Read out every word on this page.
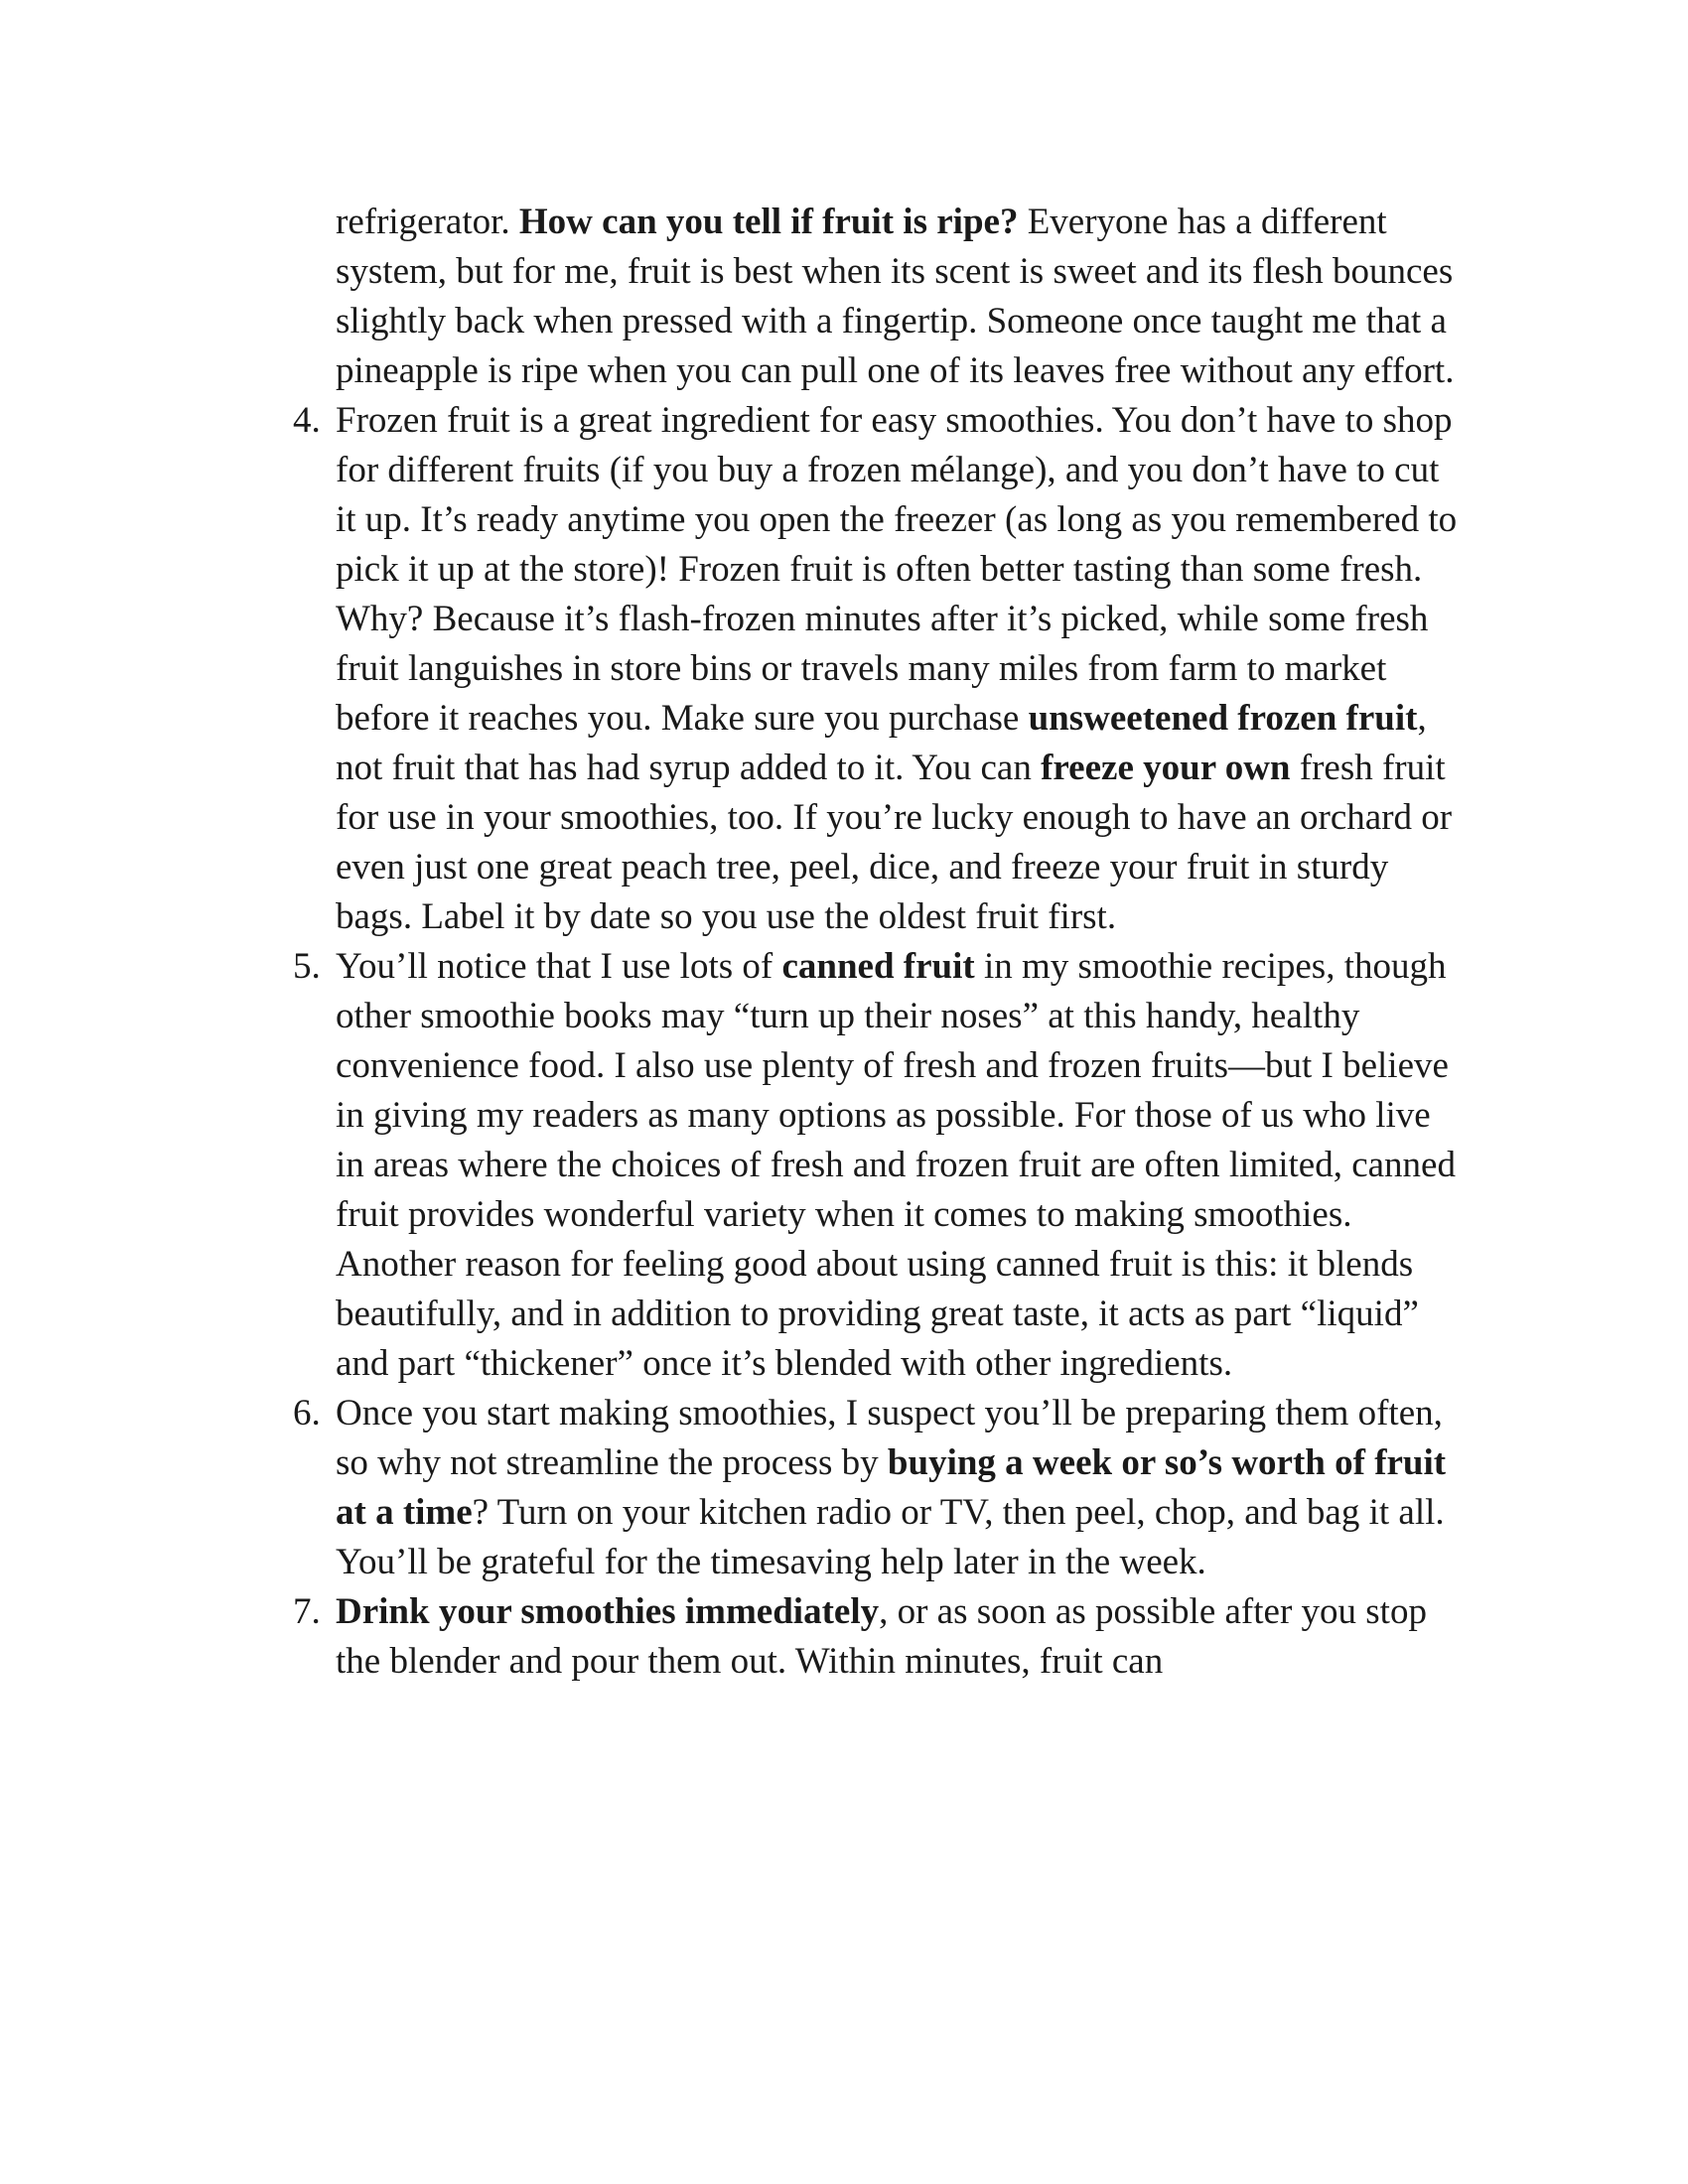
refrigerator. How can you tell if fruit is ripe? Everyone has a different system, but for me, fruit is best when its scent is sweet and its flesh bounces slightly back when pressed with a fingertip. Someone once taught me that a pineapple is ripe when you can pull one of its leaves free without any effort.

4. Frozen fruit is a great ingredient for easy smoothies. You don’t have to shop for different fruits (if you buy a frozen mélange), and you don’t have to cut it up. It’s ready anytime you open the freezer (as long as you remembered to pick it up at the store)! Frozen fruit is often better tasting than some fresh. Why? Because it’s flash-frozen minutes after it’s picked, while some fresh fruit languishes in store bins or travels many miles from farm to market before it reaches you. Make sure you purchase unsweetened frozen fruit, not fruit that has had syrup added to it. You can freeze your own fresh fruit for use in your smoothies, too. If you’re lucky enough to have an orchard or even just one great peach tree, peel, dice, and freeze your fruit in sturdy bags. Label it by date so you use the oldest fruit first.

5. You’ll notice that I use lots of canned fruit in my smoothie recipes, though other smoothie books may “turn up their noses” at this handy, healthy convenience food. I also use plenty of fresh and frozen fruits—but I believe in giving my readers as many options as possible. For those of us who live in areas where the choices of fresh and frozen fruit are often limited, canned fruit provides wonderful variety when it comes to making smoothies. Another reason for feeling good about using canned fruit is this: it blends beautifully, and in addition to providing great taste, it acts as part “liquid” and part “thickener” once it’s blended with other ingredients.

6. Once you start making smoothies, I suspect you’ll be preparing them often, so why not streamline the process by buying a week or so’s worth of fruit at a time? Turn on your kitchen radio or TV, then peel, chop, and bag it all. You’ll be grateful for the timesaving help later in the week.

7. Drink your smoothies immediately, or as soon as possible after you stop the blender and pour them out. Within minutes, fruit can
